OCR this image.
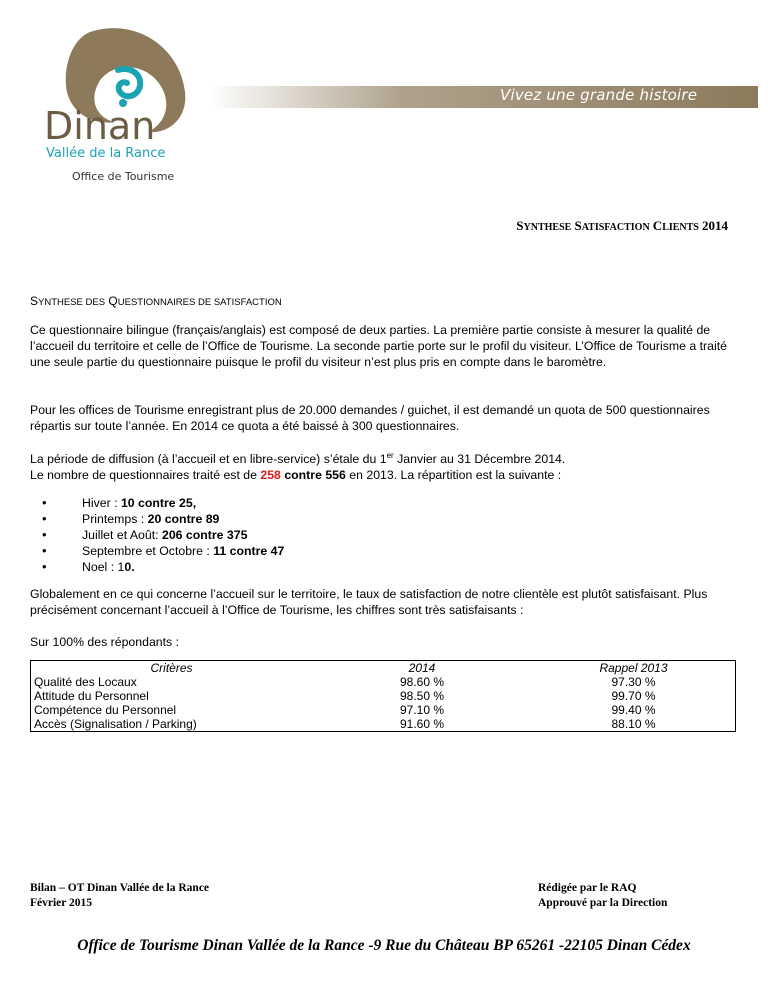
Dinan
Vallée de la Rance
Office de Tourisme
Vivez une grande histoire
SYNTHESE SATISFACTION CLIENTS 2014
SYNTHESE DES QUESTIONNAIRES DE SATISFACTION
Ce questionnaire bilingue (français/anglais) est composé de deux parties. La première partie consiste à mesurer la qualité de l’accueil du territoire et celle de l’Office de Tourisme. La seconde partie porte sur le profil du visiteur. L’Office de Tourisme a traité une seule partie du questionnaire puisque le profil du visiteur n’est plus pris en compte dans le baromètre.
Pour les offices de Tourisme enregistrant plus de 20.000 demandes / guichet, il est demandé un quota de 500 questionnaires répartis sur toute l’année. En 2014 ce quota a été baissé à 300 questionnaires.
La période de diffusion (à l’accueil et en libre-service) s’étale du 1er Janvier au 31 Décembre 2014.
Le nombre de questionnaires traité est de 258 contre 556 en 2013. La répartition est la suivante :
• Hiver : 10 contre 25,
• Printemps : 20 contre 89
• Juillet et Août: 206 contre 375
• Septembre et Octobre : 11 contre 47
• Noel : 10.
Globalement en ce qui concerne l’accueil sur le territoire, le taux de satisfaction de notre clientèle est plutôt satisfaisant. Plus précisément concernant l’accueil à l’Office de Tourisme, les chiffres sont très satisfaisants :
Sur 100% des répondants :
Critères	2014	Rappel 2013
Qualité des Locaux	98.60 %	97.30 %
Attitude du Personnel	98.50 %	99.70 %
Compétence du Personnel	97.10 %	99.40 %
Accès (Signalisation / Parking)	91.60 %	88.10 %
Bilan – OT Dinan Vallée de la Rance
Février 2015
Rédigée par le RAQ
Approuvé par la Direction
Office de Tourisme Dinan Vallée de la Rance -9 Rue du Château BP 65261 -22105 Dinan Cédex
